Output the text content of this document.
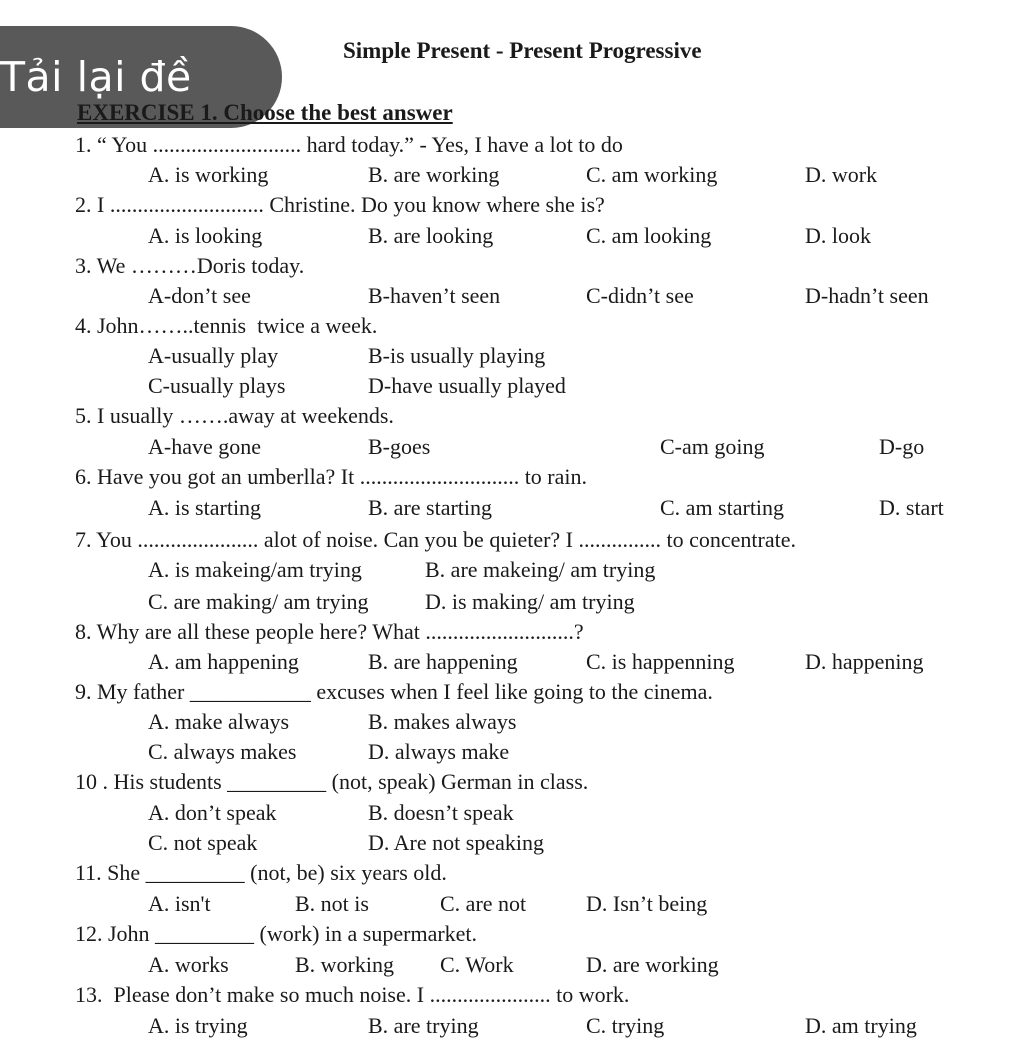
Tải lại đề
Simple Present - Present Progressive
EXERCISE 1. Choose the best answer
1. “ You ........................... hard today.” - Yes, I have a lot to do
A. is working	B. are working	C. am working	D. work
2. I ............................ Christine. Do you know where she is?
A. is looking	B. are looking	C. am looking	D. look
3. We ………Doris today.
A-don’t see	B-haven’t seen	C-didn’t see	D-hadn’t seen
4. John……..tennis  twice a week.
A-usually play	B-is usually playing
C-usually plays	D-have usually played
5. I usually …….away at weekends.
A-have gone	B-goes	C-am going	D-go
6. Have you got an umberlla? It ............................. to rain.
A. is starting	B. are starting	C. am starting	D. start
7. You ...................... alot of noise. Can you be quieter? I ............... to concentrate.
A. is makeing/am trying	B. are makeing/ am trying
C. are making/ am trying	D. is making/ am trying
8. Why are all these people here? What ...........................?
A. am happening	B. are happening	C. is happenning	D. happening
9. My father ___________ excuses when I feel like going to the cinema.
A. make always	B. makes always
C. always makes	D. always make
10 . His students _________ (not, speak) German in class.
A. don’t speak	B. doesn’t speak
C. not speak	D. Are not speaking
11. She _________ (not, be) six years old.
A. isn't	B. not is	C. are not	D. Isn’t being
12. John _________ (work) in a supermarket.
A. works	B. working C. Work	D. are working
13.  Please don’t make so much noise. I ...................... to work.
A. is trying	B. are trying	C. trying	D. am trying
